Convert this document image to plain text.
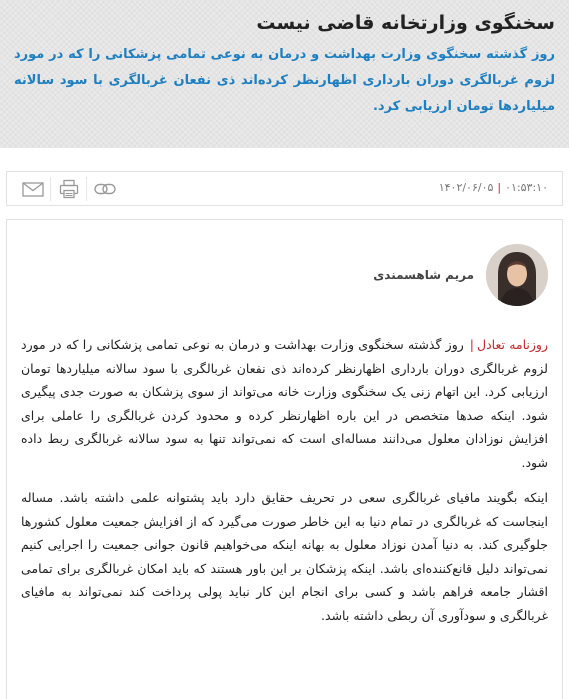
سخنگوی وزارتخانه قاضی نیست

روز گذشته سخنگوی وزارت بهداشت و درمان به نوعی تمامی پزشکانی را که در مورد لزوم غربالگری دوران بارداری اظهارنظر کرده‌اند ذی نفعان غربالگری با سود سالانه میلیاردها تومان ارزیابی کرد.

۱۴۰۲/۰۶/۰۵ | ۰۱:۵۳:۱۰
مریم شاهسمندی

روزنامه تعادل|روز گذشته سخنگوی وزارت بهداشت و درمان به نوعی تمامی پزشکانی را که در مورد لزوم غربالگری دوران بارداری اظهارنظر کرده‌اند ذی نفعان غربالگری با سود سالانه میلیاردها تومان ارزیابی کرد. این اتهام زنی یک سخنگوی وزارت خانه می‌تواند از سوی پزشکان به صورت جدی پیگیری شود. اینکه صدها متخصص در این باره اظهارنظر کرده و محدود کردن غربالگری را عاملی برای افزایش نوزادان معلول می‌دانند مساله‌ای است که نمی‌تواند تنها به سود سالانه غربالگری ربط داده شود.

اینکه بگویند مافیای غربالگری سعی در تحریف حقایق دارد باید پشتوانه علمی داشته باشد. مساله اینجاست که غربالگری در تمام دنیا به این خاطر صورت می‌گیرد که از افزایش جمعیت معلول کشورها جلوگیری کند. به دنیا آمدن نوزاد معلول به بهانه اینکه می‌خواهیم قانون جوانی جمعیت را اجرایی کنیم نمی‌تواند دلیل قانع‌کننده‌ای باشد. اینکه پزشکان بر این باور هستند که باید امکان غربالگری برای تمامی اقشار جامعه فراهم باشد و کسی برای انجام این کار نباید پولی پرداخت کند نمی‌تواند به مافیای غربالگری و سودآوری آن ربطی داشته باشد.
